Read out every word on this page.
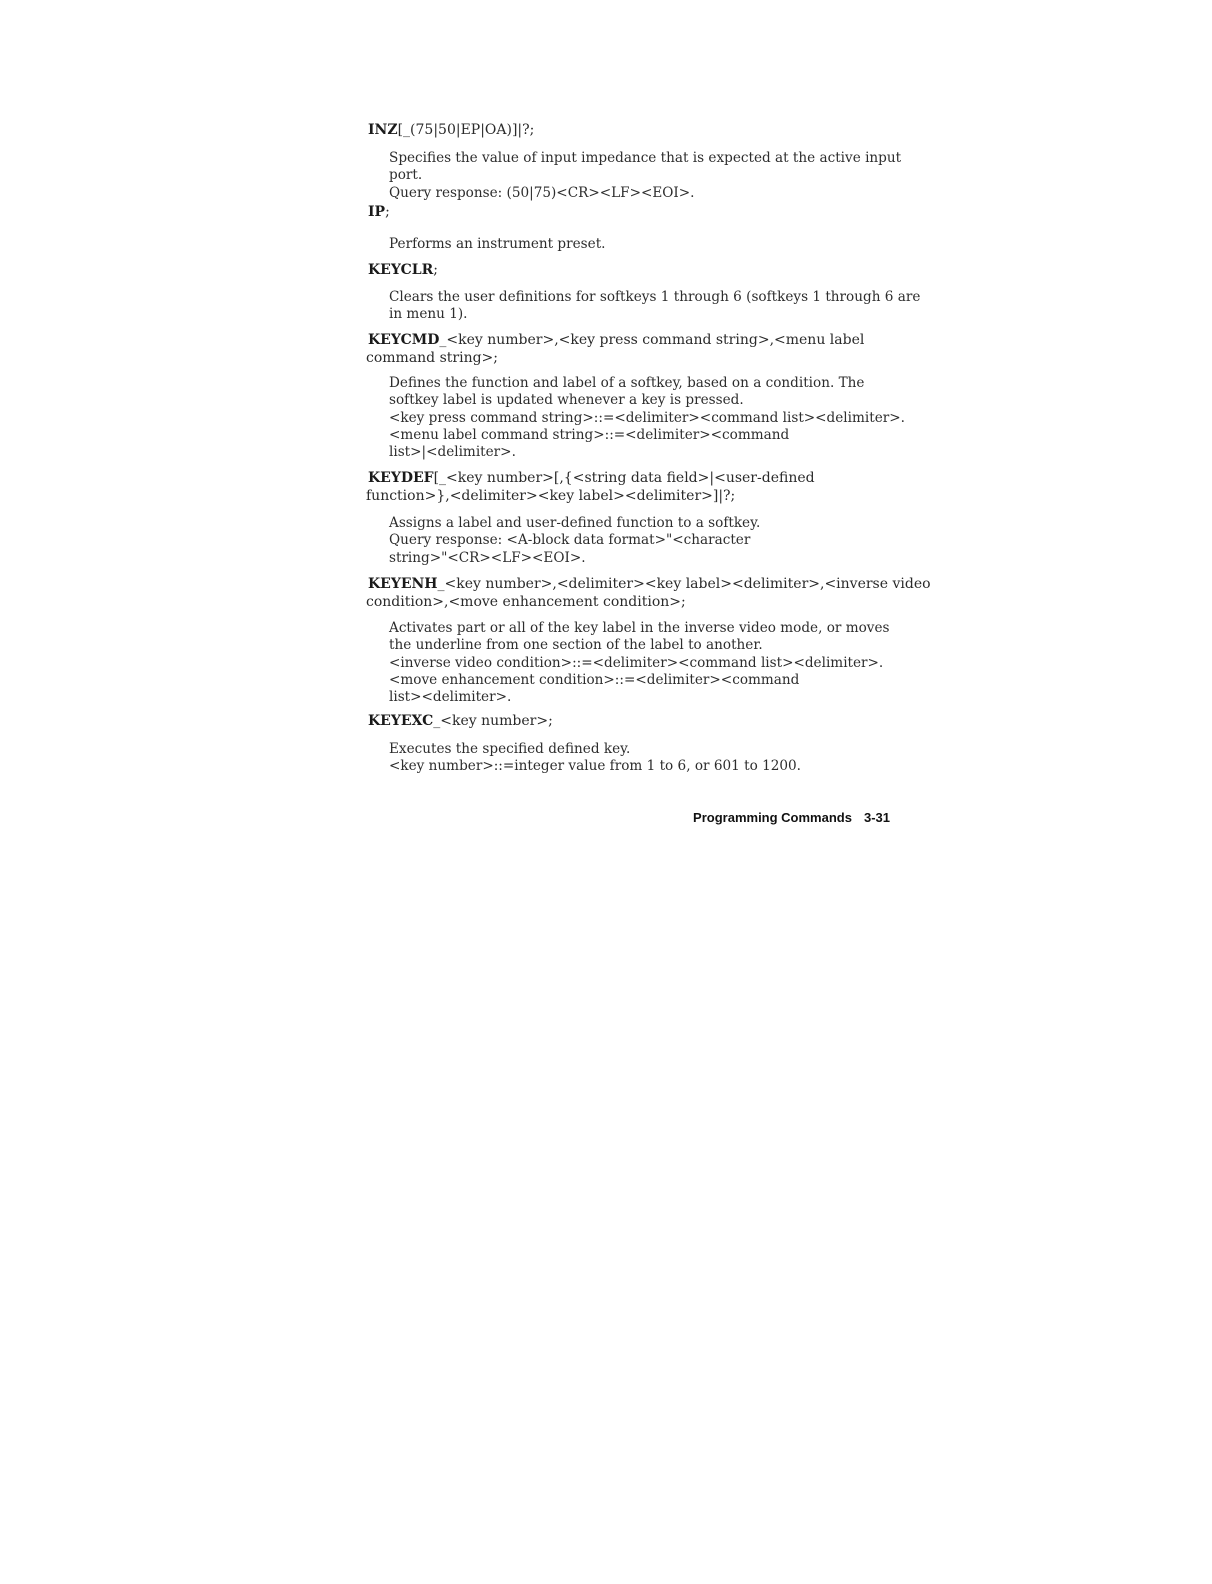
INZ[_(75|50|EP|OA)]|?;
Specifies the value of input impedance that is expected at the active input
port.
Query response: (50|75)<CR><LF><EOI>.
IP;
Performs an instrument preset.
KEYCLR;
Clears the user definitions for softkeys 1 through 6 (softkeys 1 through 6 are
in menu 1).
KEYCMD_<key number>,<key press command string>,<menu label
command string>;
Defines the function and label of a softkey, based on a condition. The
softkey label is updated whenever a key is pressed.
<key press command string>::=<delimiter><command list><delimiter>.
<menu label command string>::=<delimiter><command
list>|<delimiter>.
KEYDEF[_<key number>[,{<string data field>|<user-defined
function>},<delimiter><key label><delimiter>]|?;
Assigns a label and user-defined function to a softkey.
Query response: <A-block data format>"<character
string>"<CR><LF><EOI>.
KEYENH_<key number>,<delimiter><key label><delimiter>,<inverse video
condition>,<move enhancement condition>;
Activates part or all of the key label in the inverse video mode, or moves
the underline from one section of the label to another.
<inverse video condition>::=<delimiter><command list><delimiter>.
<move enhancement condition>::=<delimiter><command
list><delimiter>.
KEYEXC_<key number>;
Executes the specified defined key.
<key number>::=integer value from 1 to 6, or 601 to 1200.
Programming Commands 3-31
